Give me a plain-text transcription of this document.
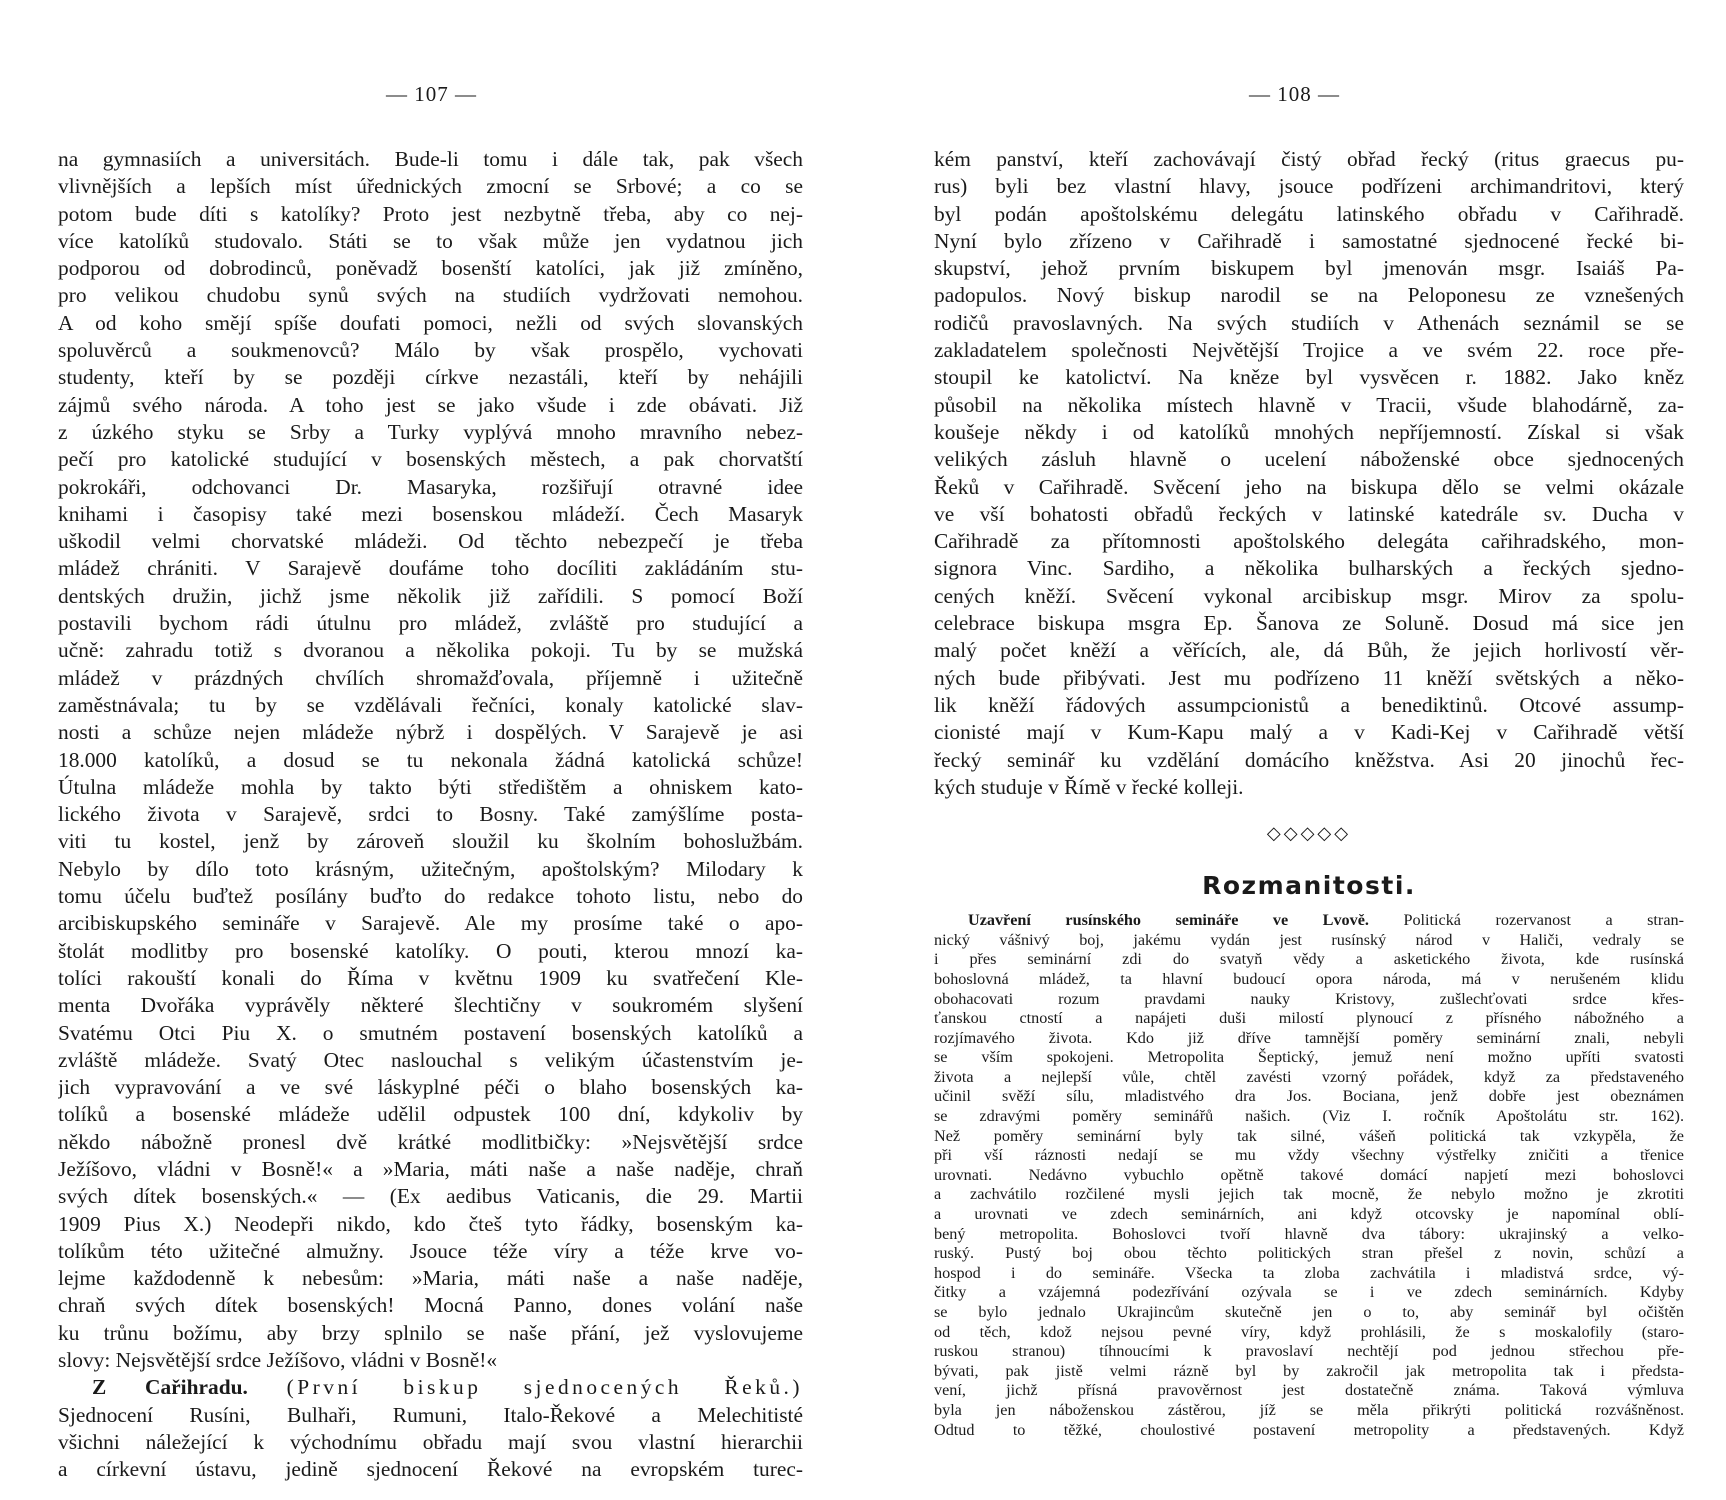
— 107 —
na gymnasiích a universitách. Bude-li tomu i dále tak, pak všech
vlivnějších a lepších míst úřednických zmocní se Srbové; a co se
potom bude díti s katolíky? Proto jest nezbytně třeba, aby co nej-
více katolíků studovalo. Státi se to však může jen vydatnou jich
podporou od dobrodinců, poněvadž bosenští katolíci, jak již zmíněno,
pro velikou chudobu synů svých na studiích vydržovati nemohou.
A od koho smějí spíše doufati pomoci, nežli od svých slovanských
spoluvěrců a soukmenovců? Málo by však prospělo, vychovati
studenty, kteří by se později církve nezastáli, kteří by nehájili
zájmů svého národa. A toho jest se jako všude i zde obávati. Již
z úzkého styku se Srby a Turky vyplývá mnoho mravního nebez-
pečí pro katolické studující v bosenských městech, a pak chorvatští
pokrokáři, odchovanci Dr. Masaryka, rozšiřují otravné idee
knihami i časopisy také mezi bosenskou mládeží. Čech Masaryk
uškodil velmi chorvatské mládeži. Od těchto nebezpečí je třeba
mládež chrániti. V Sarajevě doufáme toho docíliti zakládáním stu-
dentských družin, jichž jsme několik již zařídili. S pomocí Boží
postavili bychom rádi útulnu pro mládež, zvláště pro studující a
učně: zahradu totiž s dvoranou a několika pokoji. Tu by se mužská
mládež v prázdných chvílích shromažďovala, příjemně i užitečně
zaměstnávala; tu by se vzdělávali řečníci, konaly katolické slav-
nosti a schůze nejen mládeže nýbrž i dospělých. V Sarajevě je asi
18.000 katolíků, a dosud se tu nekonala žádná katolická schůze!
Útulna mládeže mohla by takto býti středištěm a ohniskem kato-
lického života v Sarajevě, srdci to Bosny. Také zamýšlíme posta-
viti tu kostel, jenž by zároveň sloužil ku školním bohoslužbám.
Nebylo by dílo toto krásným, užitečným, apoštolským? Milodary k
tomu účelu buďtež posílány buďto do redakce tohoto listu, nebo do
arcibiskupského semináře v Sarajevě. Ale my prosíme také o apo-
štolát modlitby pro bosenské katolíky. O pouti, kterou mnozí ka-
tolíci rakouští konali do Říma v květnu 1909 ku svatřečení Kle-
menta Dvořáka vyprávěly některé šlechtičny v soukromém slyšení
Svatému Otci Piu X. o smutném postavení bosenských katolíků a
zvláště mládeže. Svatý Otec naslouchal s velikým účastenstvím je-
jich vypravování a ve své láskyplné péči o blaho bosenských ka-
tolíků a bosenské mládeže udělil odpustek 100 dní, kdykoliv by
někdo nábožně pronesl dvě krátké modlitbičky: »Nejsvětější srdce
Ježíšovo, vládni v Bosně!« a »Maria, máti naše a naše naděje, chraň
svých dítek bosenských.« — (Ex aedibus Vaticanis, die 29. Martii
1909 Pius X.) Neodepři nikdo, kdo čteš tyto řádky, bosenským ka-
tolíkům této užitečné almužny. Jsouce téže víry a téže krve vo-
lejme každodenně k nebesům: »Maria, máti naše a naše naděje,
chraň svých dítek bosenských! Mocná Panno, dones volání naše
ku trůnu božímu, aby brzy splnilo se naše přání, jež vyslovujeme
slovy: Nejsvětější srdce Ježíšovo, vládni v Bosně!«
Z Cařihradu. (První biskup sjednocených Řeků.)
Sjednocení Rusíni, Bulhaři, Rumuni, Italo-Řekové a Melechitisté
všichni náležející k východnímu obřadu mají svou vlastní hierarchii
a církevní ústavu, jedině sjednocení Řekové na evropském turec-
— 108 —
kém panství, kteří zachovávají čistý obřad řecký (ritus graecus pu-
rus) byli bez vlastní hlavy, jsouce podřízeni archimandritovi, který
byl podán apoštolskému delegátu latinského obřadu v Cařihradě.
Nyní bylo zřízeno v Cařihradě i samostatné sjednocené řecké bi-
skupství, jehož prvním biskupem byl jmenován msgr. Isaiáš Pa-
padopulos. Nový biskup narodil se na Peloponesu ze vznešených
rodičů pravoslavných. Na svých studiích v Athenách seznámil se se
zakladatelem společnosti Největější Trojice a ve svém 22. roce pře-
stoupil ke katolictví. Na kněze byl vysvěcen r. 1882. Jako kněz
působil na několika místech hlavně v Tracii, všude blahodárně, za-
koušeje někdy i od katolíků mnohých nepříjemností. Získal si však
velikých zásluh hlavně o ucelení náboženské obce sjednocených
Řeků v Cařihradě. Svěcení jeho na biskupa dělo se velmi okázale
ve vší bohatosti obřadů řeckých v latinské katedrále sv. Ducha v
Cařihradě za přítomnosti apoštolského delegáta cařihradského, mon-
signora Vinc. Sardiho, a několika bulharských a řeckých sjedno-
cených kněží. Svěcení vykonal arcibiskup msgr. Mirov za spolu-
celebrace biskupa msgra Ep. Šanova ze Soluně. Dosud má sice jen
malý počet kněží a věřících, ale, dá Bůh, že jejich horlivostí věr-
ných bude přibývati. Jest mu podřízeno 11 kněží světských a něko-
lik kněží řádových assumpcionistů a benediktinů. Otcové assump-
cionisté mají v Kum-Kapu malý a v Kadi-Kej v Cařihradě větší
řecký seminář ku vzdělání domácího kněžstva. Asi 20 jinochů řec-
kých studuje v Římě v řecké kolleji.
◇◇◇◇◇
Rozmanitosti.
Uzavření rusínského semináře ve Lvově. Politická rozervanost a stran-
nický vášnivý boj, jakému vydán jest rusínský národ v Haliči, vedraly se
i přes seminární zdi do svatyň vědy a asketického života, kde rusínská
bohoslovná mládež, ta hlavní budoucí opora národa, má v nerušeném klidu
obohacovati rozum pravdami nauky Kristovy, zušlechťovati srdce křes-
ťanskou ctností a napájeti duši milostí plynoucí z přísného nábožného a
rozjímavého života. Kdo již dříve tamnější poměry seminární znali, nebyli
se vším spokojeni. Metropolita Šeptický, jemuž není možno upříti svatosti
života a nejlepší vůle, chtěl zavésti vzorný pořádek, když za představeného
učinil svěží sílu, mladistvého dra Jos. Bociana, jenž dobře jest obeznámen
se zdravými poměry seminářů našich. (Viz I. ročník Apoštolátu str. 162).
Než poměry seminární byly tak silné, vášeň politická tak vzkypěla, že
při vší ráznosti nedají se mu vždy všechny výstřelky zničiti a třenice
urovnati. Nedávno vybuchlo opětně takové domácí napjetí mezi bohoslovci
a zachvátilo rozčilené mysli jejich tak mocně, že nebylo možno je zkrotiti
a urovnati ve zdech seminárních, ani když otcovsky je napomínal oblí-
bený metropolita. Bohoslovci tvoří hlavně dva tábory: ukrajinský a velko-
ruský. Pustý boj obou těchto politických stran přešel z novin, schůzí a
hospod i do semináře. Všecka ta zloba zachvátila i mladistvá srdce, vý-
čitky a vzájemná podezřívání ozývala se i ve zdech seminárních. Kdyby
se bylo jednalo Ukrajincům skutečně jen o to, aby seminář byl očištěn
od těch, kdož nejsou pevné víry, když prohlásili, že s moskalofily (staro-
ruskou stranou) tíhnoucími k pravoslaví nechtějí pod jednou střechou pře-
bývati, pak jistě velmi rázně byl by zakročil jak metropolita tak i předsta-
vení, jichž přísná pravověrnost jest dostatečně známa. Taková výmluva
byla jen náboženskou zástěrou, jíž se měla přikrýti politická rozvášněnost.
Odtud to těžké, choulostivé postavení metropolity a představených. Když
